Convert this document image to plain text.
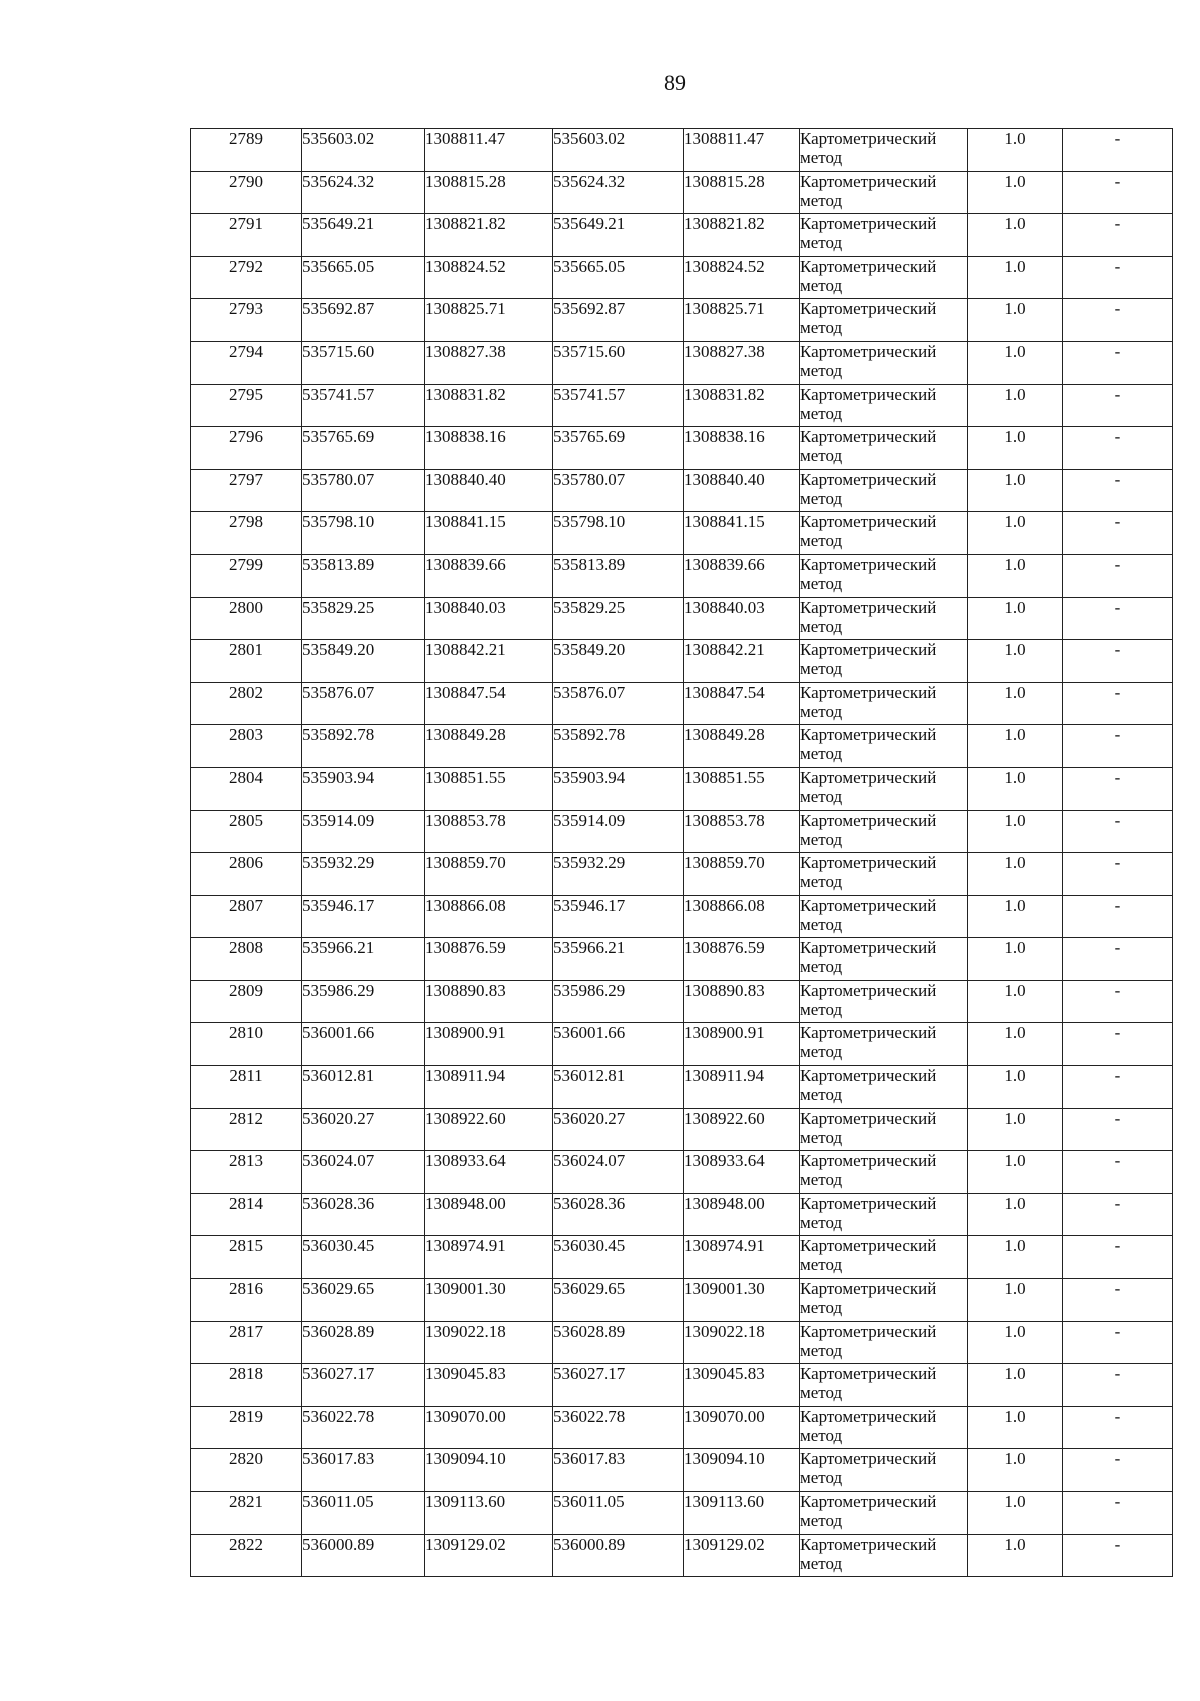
89
2789	535603.02	1308811.47	535603.02	1308811.47	Картометрический метод	1.0	-
2790	535624.32	1308815.28	535624.32	1308815.28	Картометрический метод	1.0	-
2791	535649.21	1308821.82	535649.21	1308821.82	Картометрический метод	1.0	-
2792	535665.05	1308824.52	535665.05	1308824.52	Картометрический метод	1.0	-
2793	535692.87	1308825.71	535692.87	1308825.71	Картометрический метод	1.0	-
2794	535715.60	1308827.38	535715.60	1308827.38	Картометрический метод	1.0	-
2795	535741.57	1308831.82	535741.57	1308831.82	Картометрический метод	1.0	-
2796	535765.69	1308838.16	535765.69	1308838.16	Картометрический метод	1.0	-
2797	535780.07	1308840.40	535780.07	1308840.40	Картометрический метод	1.0	-
2798	535798.10	1308841.15	535798.10	1308841.15	Картометрический метод	1.0	-
2799	535813.89	1308839.66	535813.89	1308839.66	Картометрический метод	1.0	-
2800	535829.25	1308840.03	535829.25	1308840.03	Картометрический метод	1.0	-
2801	535849.20	1308842.21	535849.20	1308842.21	Картометрический метод	1.0	-
2802	535876.07	1308847.54	535876.07	1308847.54	Картометрический метод	1.0	-
2803	535892.78	1308849.28	535892.78	1308849.28	Картометрический метод	1.0	-
2804	535903.94	1308851.55	535903.94	1308851.55	Картометрический метод	1.0	-
2805	535914.09	1308853.78	535914.09	1308853.78	Картометрический метод	1.0	-
2806	535932.29	1308859.70	535932.29	1308859.70	Картометрический метод	1.0	-
2807	535946.17	1308866.08	535946.17	1308866.08	Картометрический метод	1.0	-
2808	535966.21	1308876.59	535966.21	1308876.59	Картометрический метод	1.0	-
2809	535986.29	1308890.83	535986.29	1308890.83	Картометрический метод	1.0	-
2810	536001.66	1308900.91	536001.66	1308900.91	Картометрический метод	1.0	-
2811	536012.81	1308911.94	536012.81	1308911.94	Картометрический метод	1.0	-
2812	536020.27	1308922.60	536020.27	1308922.60	Картометрический метод	1.0	-
2813	536024.07	1308933.64	536024.07	1308933.64	Картометрический метод	1.0	-
2814	536028.36	1308948.00	536028.36	1308948.00	Картометрический метод	1.0	-
2815	536030.45	1308974.91	536030.45	1308974.91	Картометрический метод	1.0	-
2816	536029.65	1309001.30	536029.65	1309001.30	Картометрический метод	1.0	-
2817	536028.89	1309022.18	536028.89	1309022.18	Картометрический метод	1.0	-
2818	536027.17	1309045.83	536027.17	1309045.83	Картометрический метод	1.0	-
2819	536022.78	1309070.00	536022.78	1309070.00	Картометрический метод	1.0	-
2820	536017.83	1309094.10	536017.83	1309094.10	Картометрический метод	1.0	-
2821	536011.05	1309113.60	536011.05	1309113.60	Картометрический метод	1.0	-
2822	536000.89	1309129.02	536000.89	1309129.02	Картометрический метод	1.0	-
